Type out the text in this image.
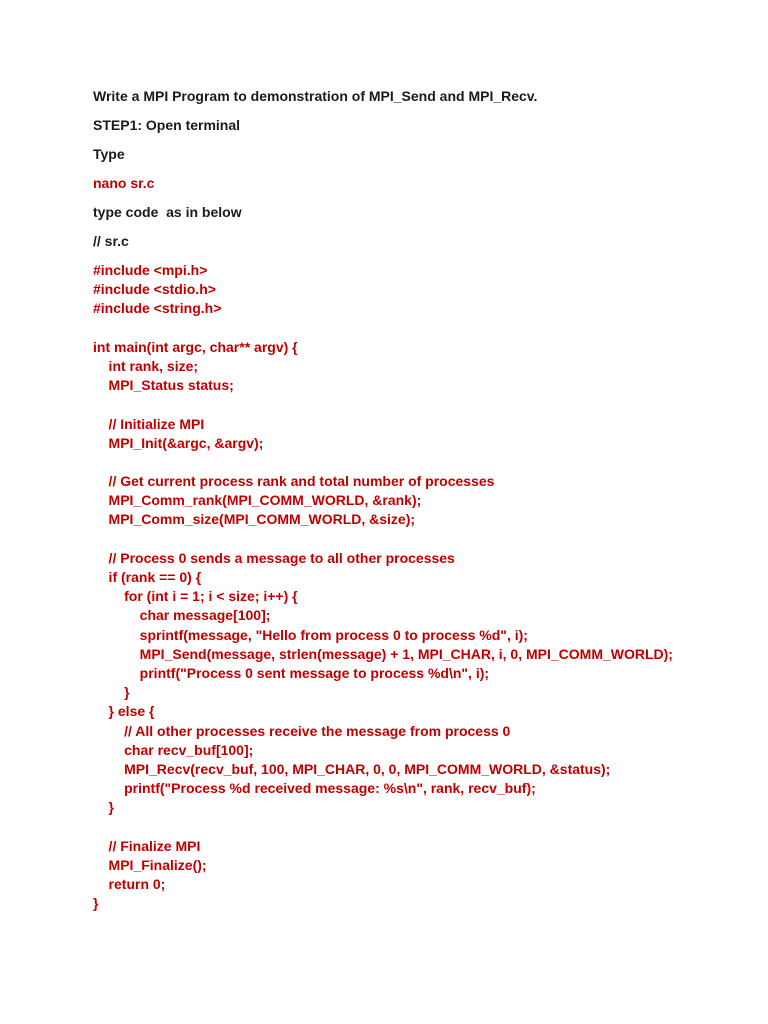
Write a MPI Program to demonstration of MPI_Send and MPI_Recv.
STEP1: Open terminal
Type
nano sr.c
type code  as in below
// sr.c
#include <mpi.h>
#include <stdio.h>
#include <string.h>

int main(int argc, char** argv) {
int rank, size;
MPI_Status status;

// Initialize MPI
MPI_Init(&argc, &argv);

// Get current process rank and total number of processes
MPI_Comm_rank(MPI_COMM_WORLD, &rank);
MPI_Comm_size(MPI_COMM_WORLD, &size);

// Process 0 sends a message to all other processes
if (rank == 0) {
for (int i = 1; i < size; i++) {
char message[100];
sprintf(message, "Hello from process 0 to process %d", i);
MPI_Send(message, strlen(message) + 1, MPI_CHAR, i, 0, MPI_COMM_WORLD);
printf("Process 0 sent message to process %d\n", i);
}
} else {
// All other processes receive the message from process 0
char recv_buf[100];
MPI_Recv(recv_buf, 100, MPI_CHAR, 0, 0, MPI_COMM_WORLD, &status);
printf("Process %d received message: %s\n", rank, recv_buf);
}

// Finalize MPI
MPI_Finalize();
return 0;
}
